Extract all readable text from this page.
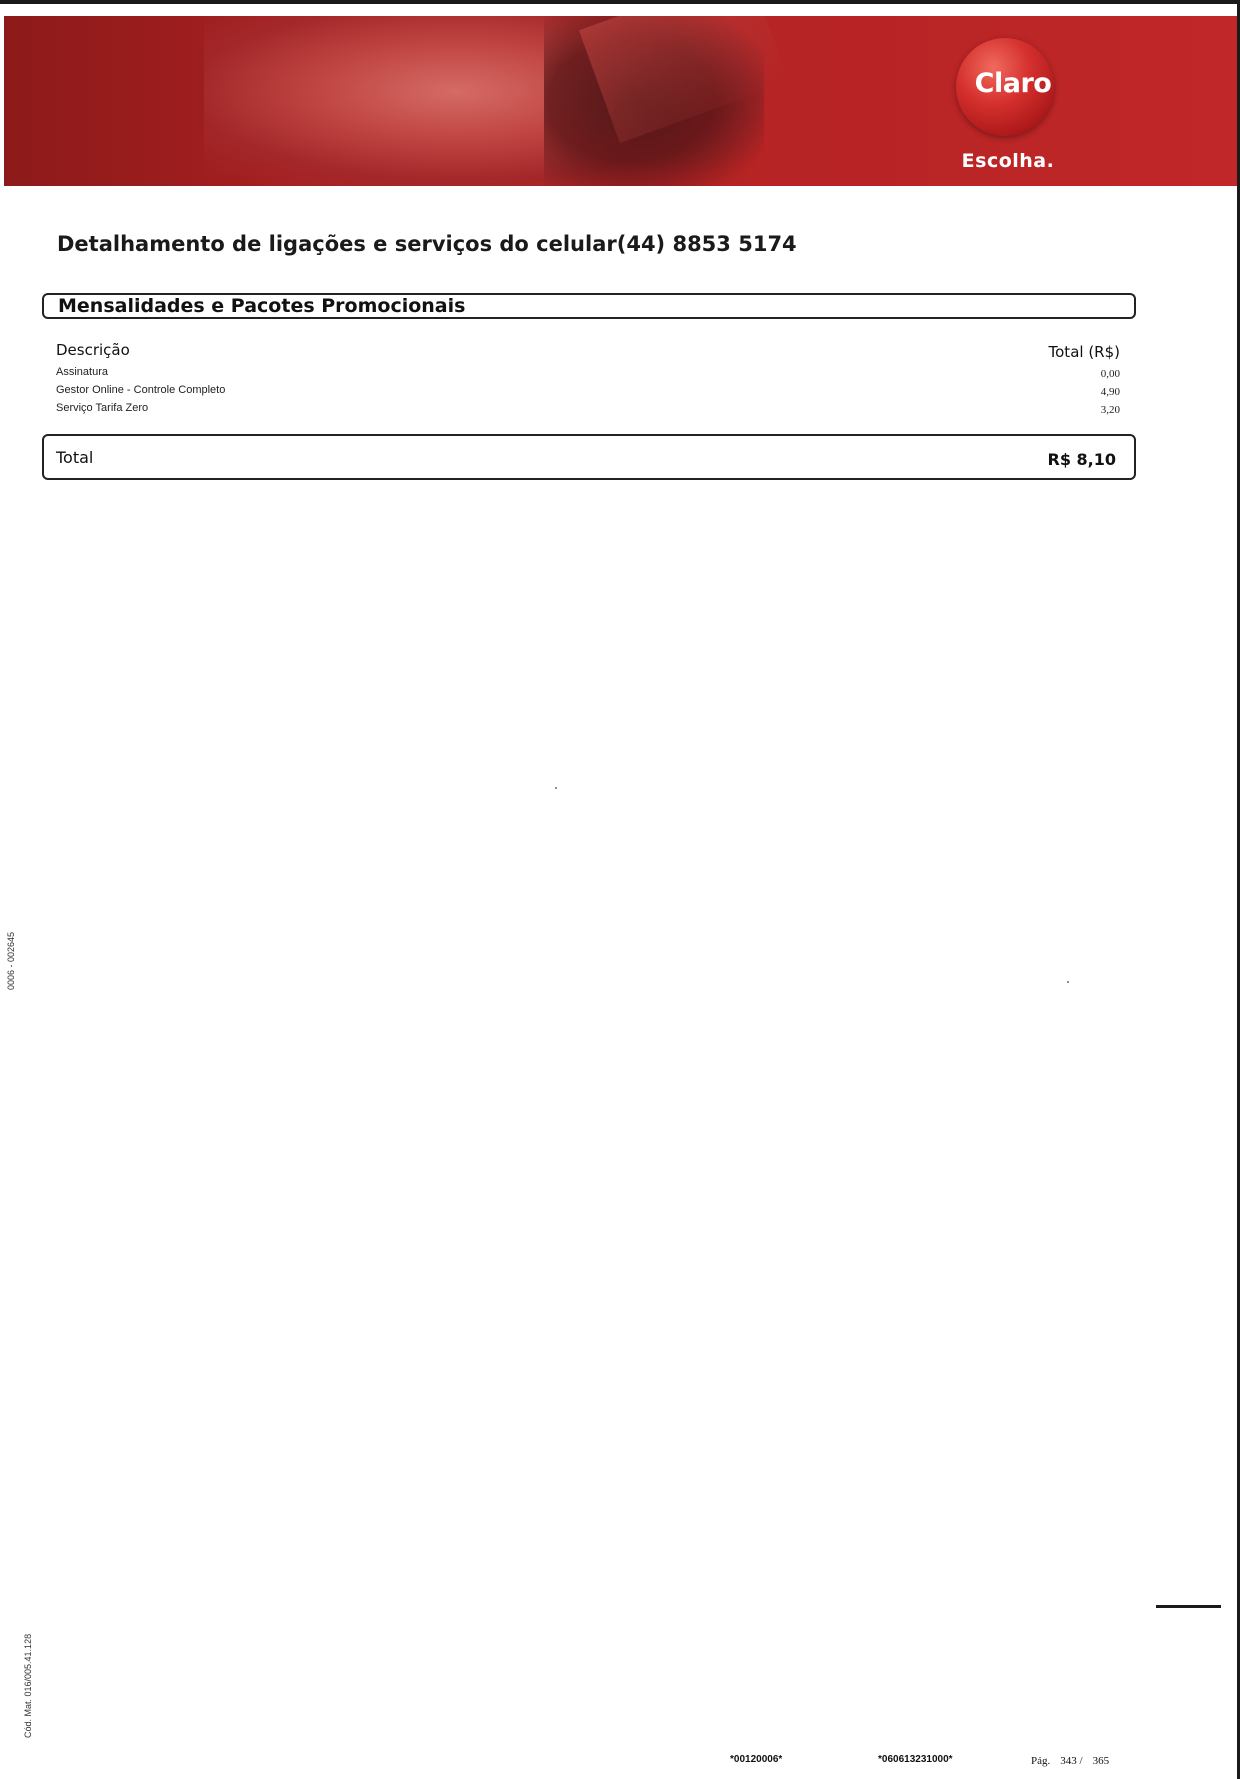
Claro
Escolha.
Detalhamento de ligações e serviços do celular(44) 8853 5174
Mensalidades e Pacotes Promocionais
Descrição	Total (R$)
Assinatura	0,00
Gestor Online - Controle Completo	4,90
Serviço Tarifa Zero	3,20
Total	R$ 8,10
0006 - 002645
Cód. Mat. 016/005.41.128
*00120006*	*060613231000*	Pág. 343 / 365
